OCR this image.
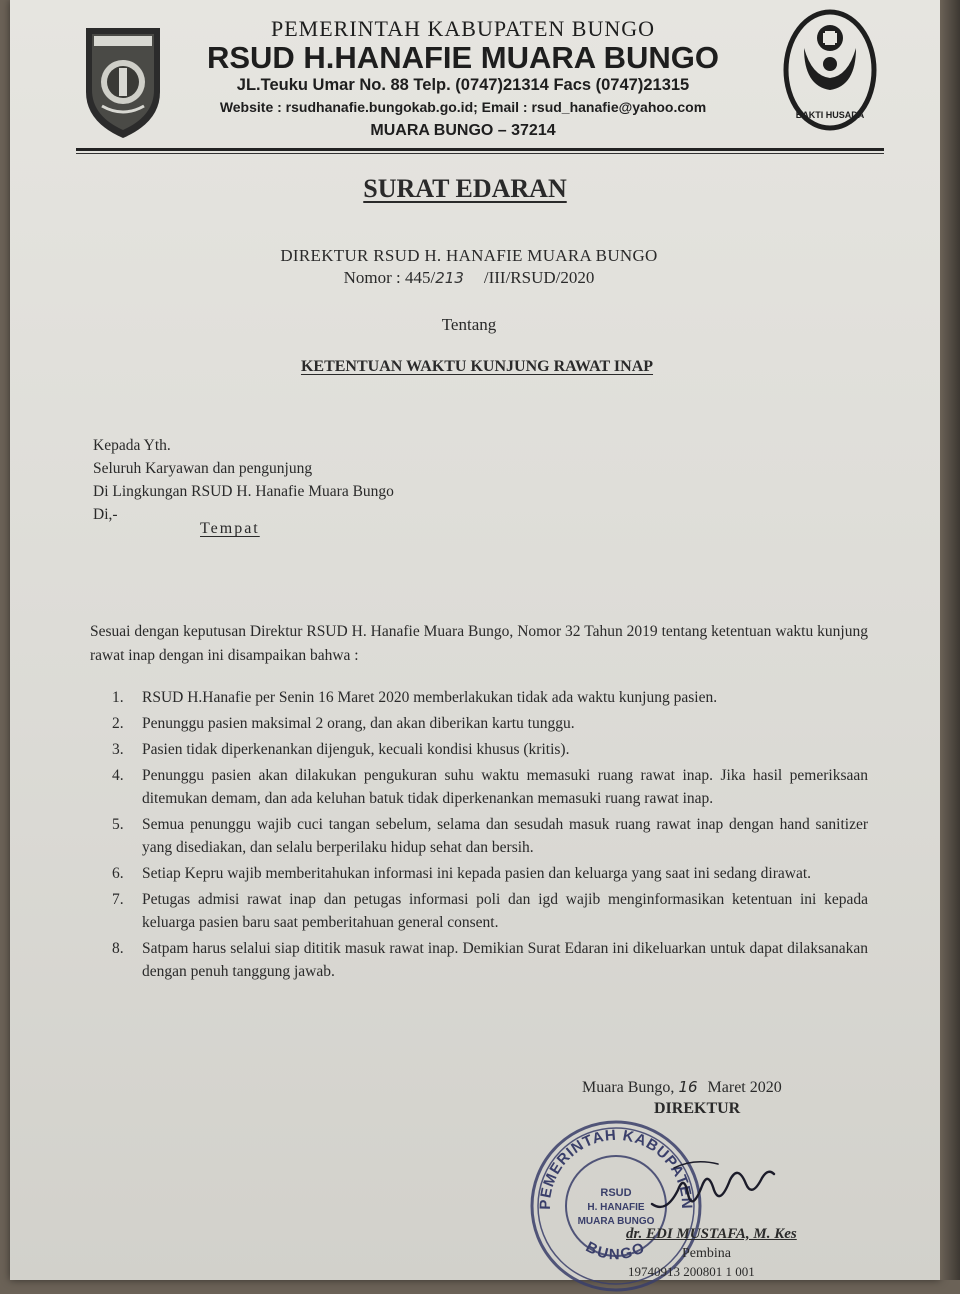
BAKTI HUSADA
PEMERINTAH KABUPATEN BUNGO
RSUD H.HANAFIE MUARA BUNGO
JL.Teuku Umar No. 88 Telp. (0747)21314 Facs (0747)21315
Website : rsudhanafie.bungokab.go.id; Email : rsud_hanafie@yahoo.com
MUARA BUNGO – 37214
SURAT EDARAN
DIREKTUR RSUD H. HANAFIE MUARA BUNGO
Nomor : 445/213 /III/RSUD/2020
Tentang
KETENTUAN WAKTU KUNJUNG RAWAT INAP
Kepada Yth.
Seluruh Karyawan dan pengunjung
Di Lingkungan RSUD H. Hanafie Muara Bungo
Di,-
Tempat
Sesuai dengan keputusan Direktur RSUD H. Hanafie Muara Bungo, Nomor 32 Tahun 2019 tentang ketentuan waktu kunjung rawat inap dengan ini disampaikan bahwa :
1. RSUD H.Hanafie per Senin 16 Maret 2020 memberlakukan tidak ada waktu kunjung pasien.
2. Penunggu pasien maksimal 2 orang, dan akan diberikan kartu tunggu.
3. Pasien tidak diperkenankan dijenguk, kecuali kondisi khusus (kritis).
4. Penunggu pasien akan dilakukan pengukuran suhu waktu memasuki ruang rawat inap. Jika hasil pemeriksaan ditemukan demam, dan ada keluhan batuk tidak diperkenankan memasuki ruang rawat inap.
5. Semua penunggu wajib cuci tangan sebelum, selama dan sesudah masuk ruang rawat inap dengan hand sanitizer yang disediakan, dan selalu berperilaku hidup sehat dan bersih.
6. Setiap Kepru wajib memberitahukan informasi ini kepada pasien dan keluarga yang saat ini sedang dirawat.
7. Petugas admisi rawat inap dan petugas informasi poli dan igd wajib menginformasikan ketentuan ini kepada keluarga pasien baru saat pemberitahuan general consent.
8. Satpam harus selalui siap dititik masuk rawat inap. Demikian Surat Edaran ini dikeluarkan untuk dapat dilaksanakan dengan penuh tanggung jawab.
Muara Bungo, 16 Maret 2020
DIREKTUR
PEMERINTAH KABUPATEN
BUNGO
RSUD
H. HANAFIE
MUARA BUNGO
dr. EDI MUSTAFA, M. Kes
Pembina
19740913 200801 1 001
